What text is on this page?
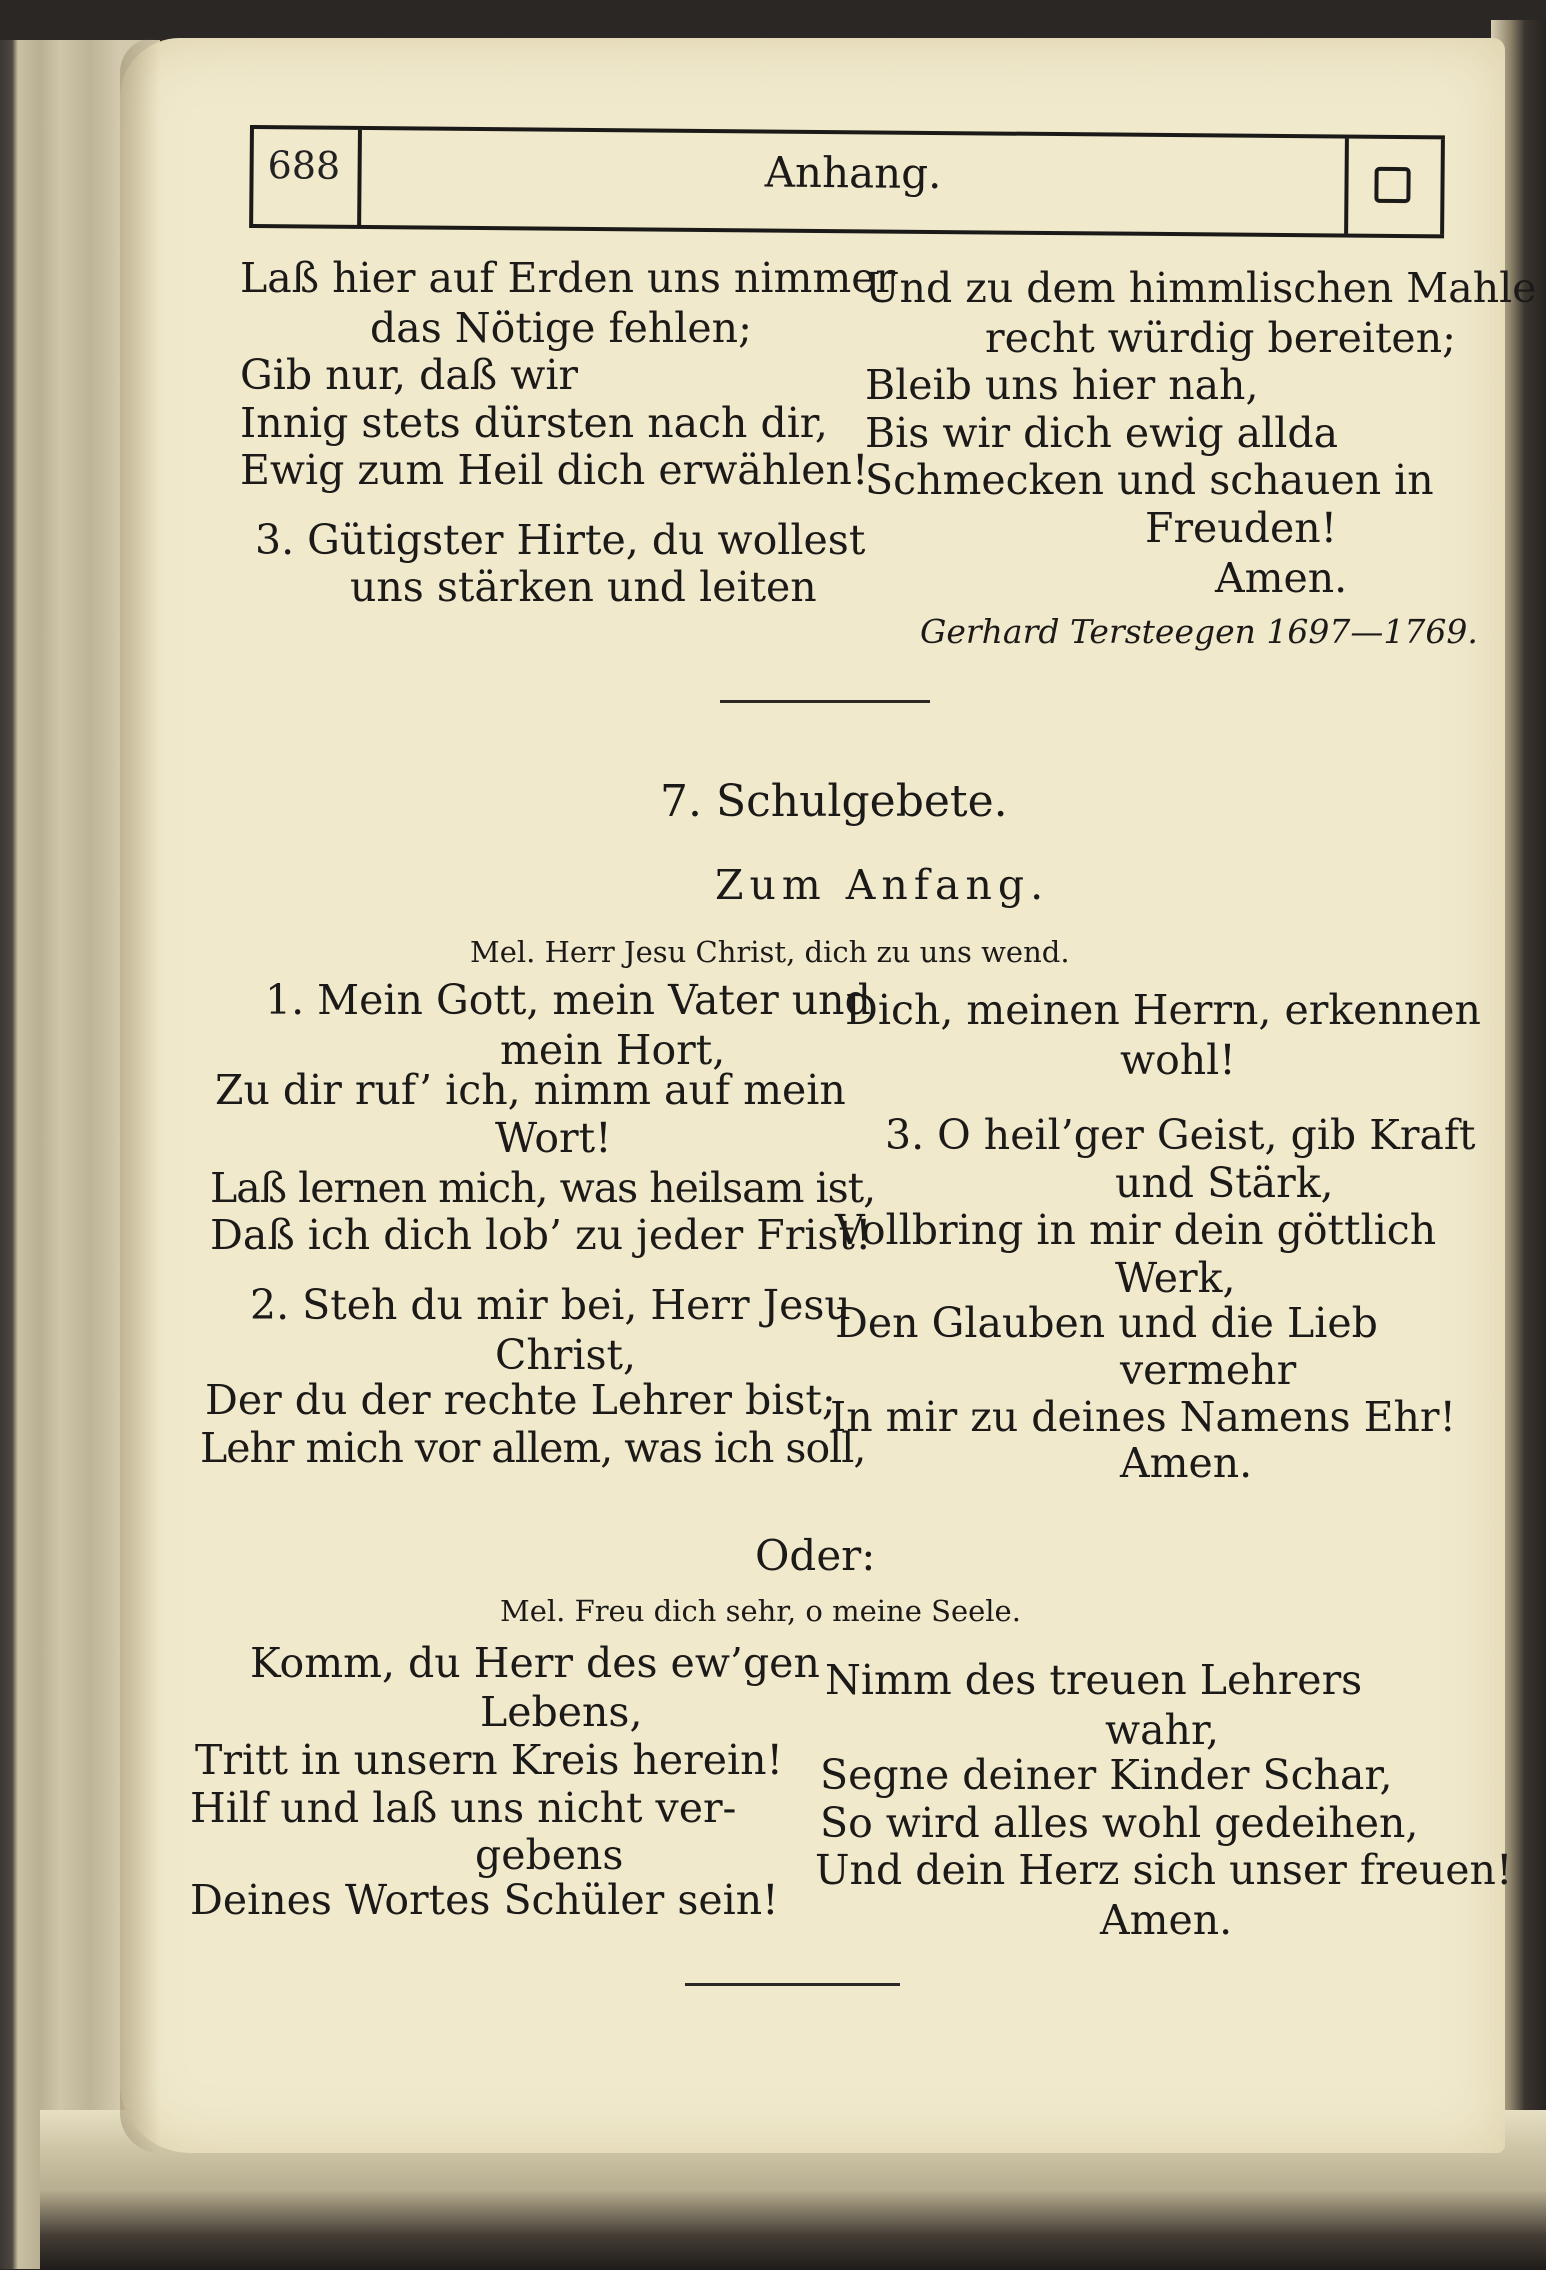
688	Anhang.
Laß hier auf Erden uns nimmer
das Nötige fehlen;
Gib nur, daß wir
Innig stets dürsten nach dir,
Ewig zum Heil dich erwählen!
3. Gütigster Hirte, du wollest
uns stärken und leiten
Und zu dem himmlischen Mahle
recht würdig bereiten;
Bleib uns hier nah,
Bis wir dich ewig allda
Schmecken und schauen in
Freuden!
Amen.
Gerhard Tersteegen 1697—1769.
7. Schulgebete.
Zum Anfang.
Mel. Herr Jesu Christ, dich zu uns wend.
1. Mein Gott, mein Vater und
mein Hort,
Zu dir ruf’ ich, nimm auf mein
Wort!
Laß lernen mich, was heilsam ist,
Daß ich dich lob’ zu jeder Frist!
2. Steh du mir bei, Herr Jesu
Christ,
Der du der rechte Lehrer bist;
Lehr mich vor allem, was ich soll,
Dich, meinen Herrn, erkennen
wohl!
3. O heil’ger Geist, gib Kraft
und Stärk,
Vollbring in mir dein göttlich
Werk,
Den Glauben und die Lieb
vermehr
In mir zu deines Namens Ehr!
Amen.
Oder:
Mel. Freu dich sehr, o meine Seele.
Komm, du Herr des ew’gen
Lebens,
Tritt in unsern Kreis herein!
Hilf und laß uns nicht ver-
gebens
Deines Wortes Schüler sein!
Nimm des treuen Lehrers
wahr,
Segne deiner Kinder Schar,
So wird alles wohl gedeihen,
Und dein Herz sich unser freuen!
Amen.
